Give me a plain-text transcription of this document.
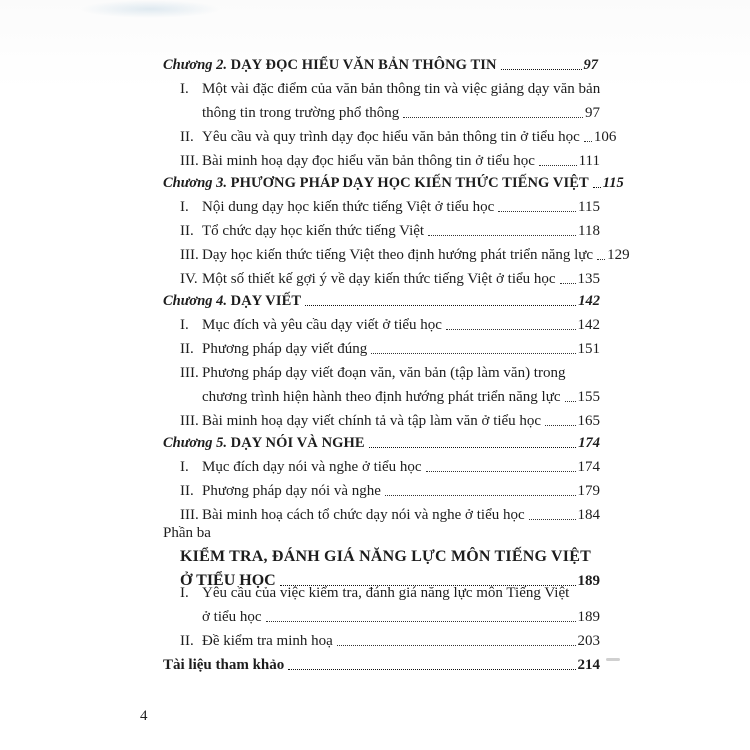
Chương 2. DẠY ĐỌC HIỂU VĂN BẢN THÔNG TIN	97
I. Một vài đặc điểm của văn bản thông tin và việc giảng dạy văn bản
thông tin trong trường phổ thông	97
II. Yêu cầu và quy trình dạy đọc hiểu văn bản thông tin ở tiểu học 106
III. Bài minh hoạ dạy đọc hiểu văn bản thông tin ở tiểu học	111
Chương 3. PHƯƠNG PHÁP DẠY HỌC KIẾN THỨC TIẾNG VIỆT 115
I. Nội dung dạy học kiến thức tiếng Việt ở tiểu học	115
II. Tổ chức dạy học kiến thức tiếng Việt	118
III. Dạy học kiến thức tiếng Việt theo định hướng phát triển năng lực 129
IV. Một số thiết kế gợi ý về dạy kiến thức tiếng Việt ở tiểu học 135
Chương 4. DẠY VIẾT	142
I. Mục đích và yêu cầu dạy viết ở tiểu học	142
II. Phương pháp dạy viết đúng	151
III. Phương pháp dạy viết đoạn văn, văn bản (tập làm văn) trong
chương trình hiện hành theo định hướng phát triển năng lực 155
III. Bài minh hoạ dạy viết chính tả và tập làm văn ở tiểu học 165
Chương 5. DẠY NÓI VÀ NGHE	174
I. Mục đích dạy nói và nghe ở tiểu học	174
II. Phương pháp dạy nói và nghe	179
III. Bài minh hoạ cách tổ chức dạy nói và nghe ở tiểu học	184
Phần ba
KIỂM TRA, ĐÁNH GIÁ NĂNG LỰC MÔN TIẾNG VIỆT
Ở TIỂU HỌC	189
I. Yêu cầu của việc kiểm tra, đánh giá năng lực môn Tiếng Việt
ở tiểu học	189
II. Đề kiểm tra minh hoạ	203
Tài liệu tham khảo	214
4
